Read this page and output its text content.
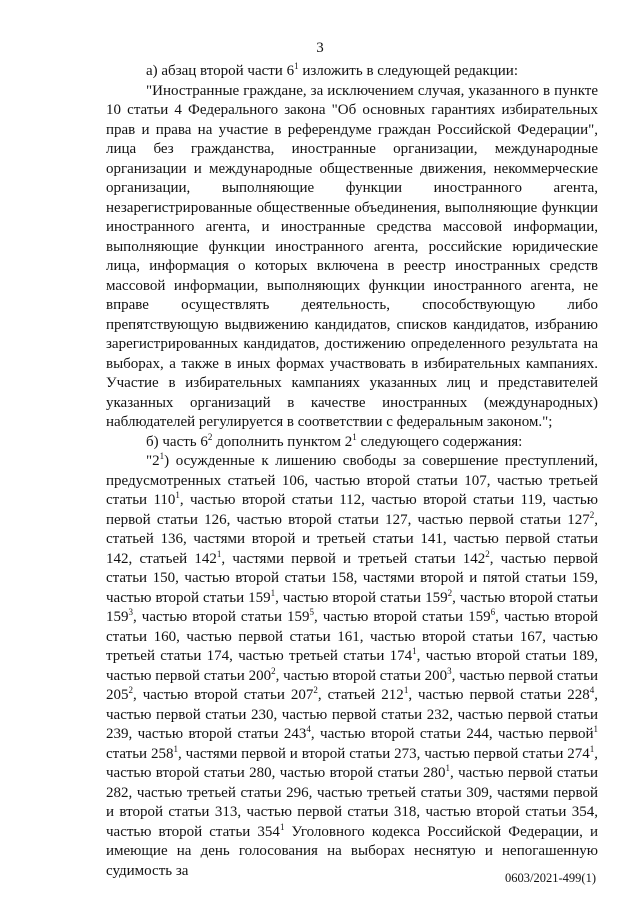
3

а) абзац второй части $6^1$ изложить в следующей редакции:

"Иностранные граждане, за исключением случая, указанного в пункте 10 статьи 4 Федерального закона "Об основных гарантиях избирательных прав и права на участие в референдуме граждан Российской Федерации", лица без гражданства, иностранные организации, международные организации и международные общественные движения, некоммерческие организации, выполняющие функции иностранного агента, незарегистрированные общественные объединения, выполняющие функции иностранного агента, и иностранные средства массовой информации, выполняющие функции иностранного агента, российские юридические лица, информация о которых включена в реестр иностранных средств массовой информации, выполняющих функции иностранного агента, не вправе осуществлять деятельность, способствующую либо препятствующую выдвижению кандидатов, списков кандидатов, избранию зарегистрированных кандидатов, достижению определенного результата на выборах, а также в иных формах участвовать в избирательных кампаниях. Участие в избирательных кампаниях указанных лиц и представителей указанных организаций в качестве иностранных (международных) наблюдателей регулируется в соответствии с федеральным законом.";

б) часть $6^2$ дополнить пунктом $2^1$ следующего содержания:

"$2^1$) осужденные к лишению свободы за совершение преступлений, предусмотренных статьей 106, частью второй статьи 107, частью третьей статьи $110^1$, частью второй статьи 112, частью второй статьи 119, частью первой статьи 126, частью второй статьи 127, частью первой статьи $127^2$, статьей 136, частями второй и третьей статьи 141, частью первой статьи 142, статьей $142^1$, частями первой и третьей статьи $142^2$, частью первой статьи 150, частью второй статьи 158, частями второй и пятой статьи 159, частью второй статьи $159^1$, частью второй статьи $159^2$, частью второй статьи $159^3$, частью второй статьи $159^5$, частью второй статьи $159^6$, частью второй статьи 160, частью первой статьи 161, частью второй статьи 167, частью третьей статьи 174, частью третьей статьи $174^1$, частью второй статьи 189, частью первой статьи $200^2$, частью второй статьи $200^3$, частью первой статьи $205^2$, частью второй статьи $207^2$, статьей $212^1$, частью первой статьи $228^4$, частью первой статьи 230, частью первой статьи 232, частью первой статьи 239, частью второй статьи $243^4$, частью второй статьи 244, частью первой$^1$ статьи $258^1$, частями первой и второй статьи 273, частью первой статьи $274^1$, частью второй статьи 280, частью второй статьи $280^1$, частью первой статьи 282, частью третьей статьи 296, частью третьей статьи 309, частями первой и второй статьи 313, частью первой статьи 318, частью второй статьи 354, частью второй статьи $354^1$ Уголовного кодекса Российской Федерации, и имеющие на день голосования на выборах неснятую и непогашенную судимость за	0603/2021-499(1)
